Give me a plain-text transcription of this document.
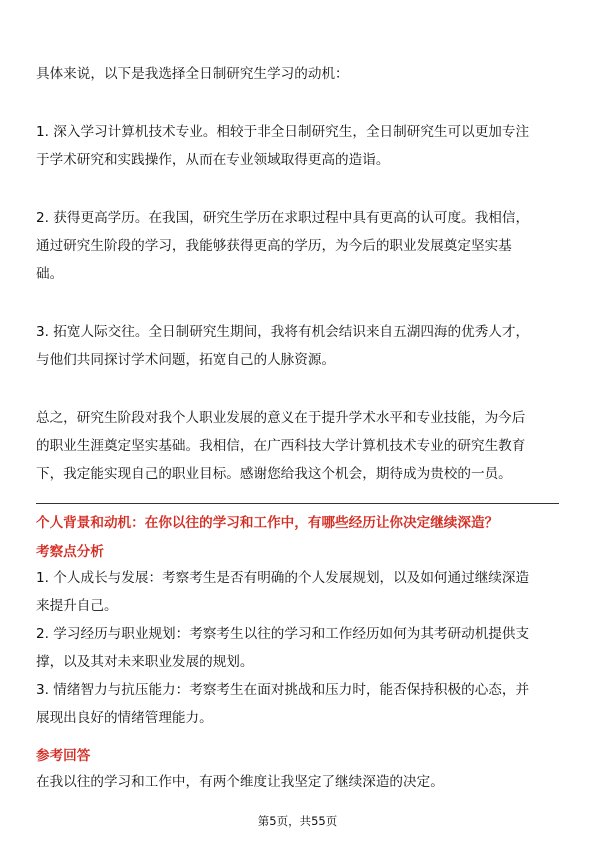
具体来说，以下是我选择全日制研究生学习的动机：

1. 深入学习计算机技术专业。相较于非全日制研究生，全日制研究生可以更加专注
于学术研究和实践操作，从而在专业领域取得更高的造诣。

2. 获得更高学历。在我国，研究生学历在求职过程中具有更高的认可度。我相信，
通过研究生阶段的学习，我能够获得更高的学历，为今后的职业发展奠定坚实基
础。

3. 拓宽人际交往。全日制研究生期间，我将有机会结识来自五湖四海的优秀人才，
与他们共同探讨学术问题，拓宽自己的人脉资源。

总之，研究生阶段对我个人职业发展的意义在于提升学术水平和专业技能，为今后
的职业生涯奠定坚实基础。我相信，在广西科技大学计算机技术专业的研究生教育
下，我定能实现自己的职业目标。感谢您给我这个机会，期待成为贵校的一员。

个人背景和动机：在你以往的学习和工作中，有哪些经历让你决定继续深造？
考察点分析

1. 个人成长与发展：考察考生是否有明确的个人发展规划，以及如何通过继续深造
来提升自己。

2. 学习经历与职业规划：考察考生以往的学习和工作经历如何为其考研动机提供支
撑，以及其对未来职业发展的规划。

3. 情绪智力与抗压能力：考察考生在面对挑战和压力时，能否保持积极的心态，并
展现出良好的情绪管理能力。

参考回答

在我以往的学习和工作中，有两个维度让我坚定了继续深造的决定。

第5页，共55页
